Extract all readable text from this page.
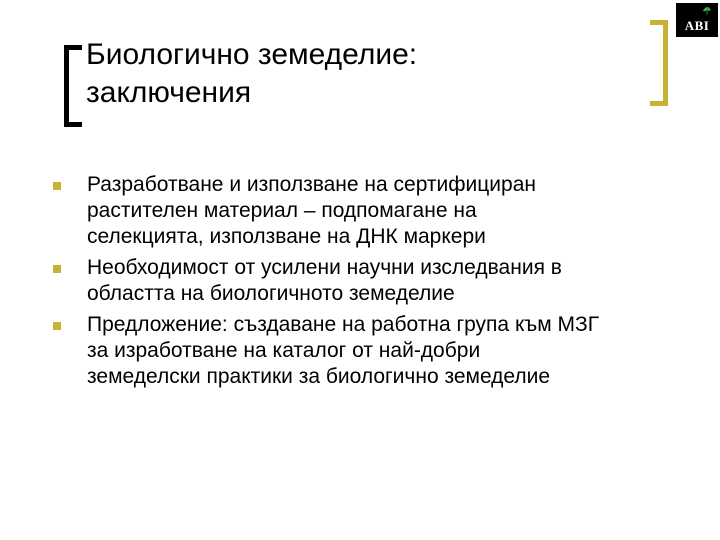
Биологично земеделие:
заключения
ABI
Разработване и използване на сертифициран
растителен материал – подпомагане на
селекцията, използване на ДНК маркери
Необходимост от усилени научни изследвания в
областта на биологичното земеделие
Предложение: създаване на работна група към МЗГ
за изработване на каталог от най-добри
земеделски практики за биологично земеделие
